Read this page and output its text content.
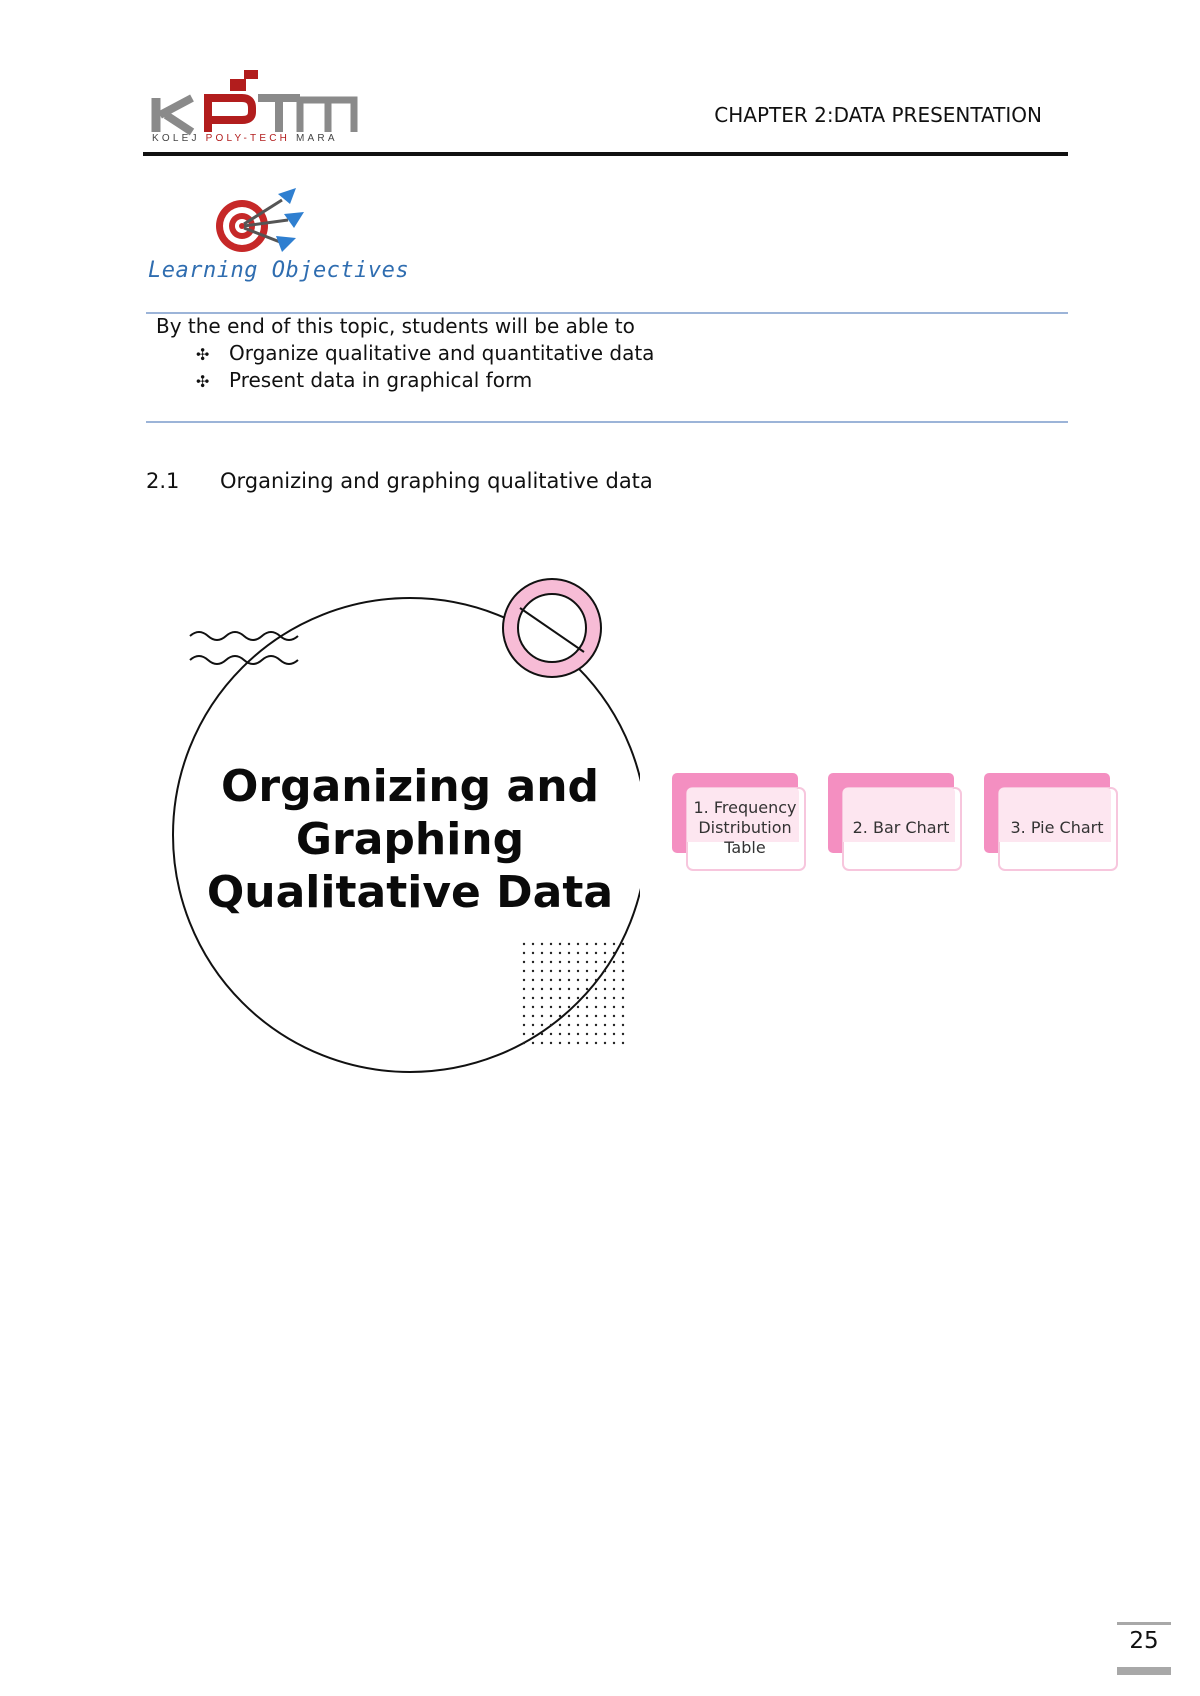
KOLEJ POLY-TECH MARA
CHAPTER 2:DATA PRESENTATION
Learning Objectives
By the end of this topic, students will be able to
✣ Organize qualitative and quantitative data
✣ Present data in graphical form
2.1 Organizing and graphing qualitative data
Organizing and
Graphing
Qualitative Data
1. Frequency
Distribution
Table
2. Bar Chart	3. Pie Chart
25
